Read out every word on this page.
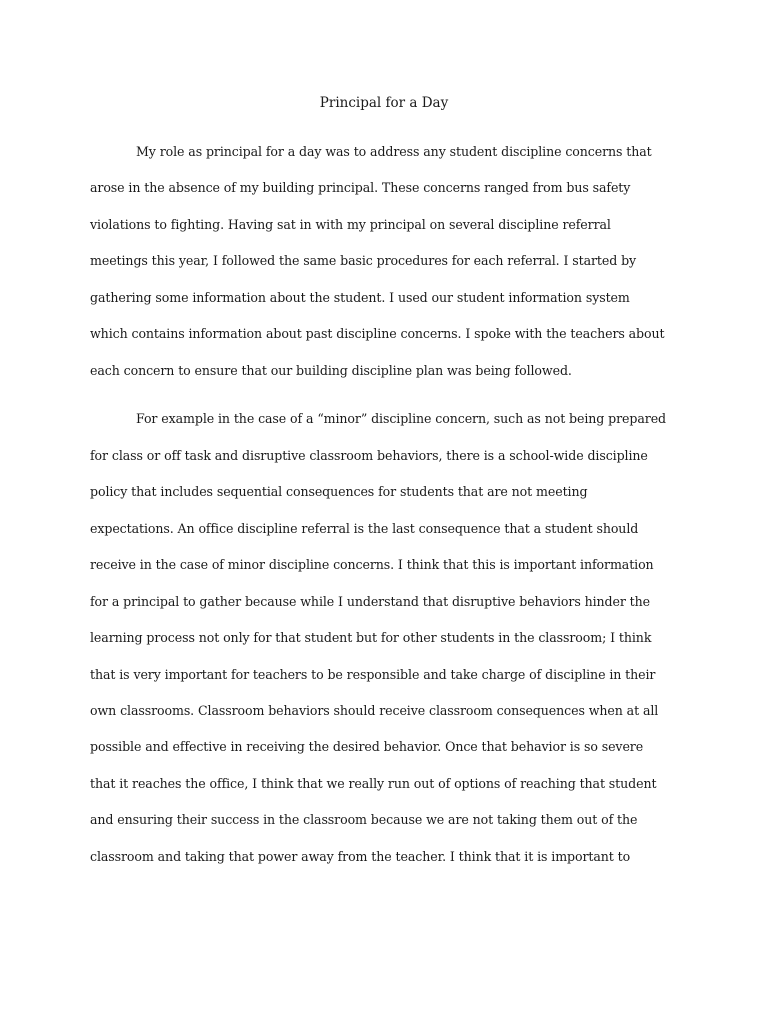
Principal for a Day
My role as principal for a day was to address any student discipline concerns that
arose in the absence of my building principal. These concerns ranged from bus safety
violations to fighting. Having sat in with my principal on several discipline referral
meetings this year, I followed the same basic procedures for each referral. I started by
gathering some information about the student. I used our student information system
which contains information about past discipline concerns. I spoke with the teachers about
each concern to ensure that our building discipline plan was being followed.
For example in the case of a “minor” discipline concern, such as not being prepared
for class or off task and disruptive classroom behaviors, there is a school-wide discipline
policy that includes sequential consequences for students that are not meeting
expectations. An office discipline referral is the last consequence that a student should
receive in the case of minor discipline concerns. I think that this is important information
for a principal to gather because while I understand that disruptive behaviors hinder the
learning process not only for that student but for other students in the classroom; I think
that is very important for teachers to be responsible and take charge of discipline in their
own classrooms. Classroom behaviors should receive classroom consequences when at all
possible and effective in receiving the desired behavior. Once that behavior is so severe
that it reaches the office, I think that we really run out of options of reaching that student
and ensuring their success in the classroom because we are not taking them out of the
classroom and taking that power away from the teacher. I think that it is important to
